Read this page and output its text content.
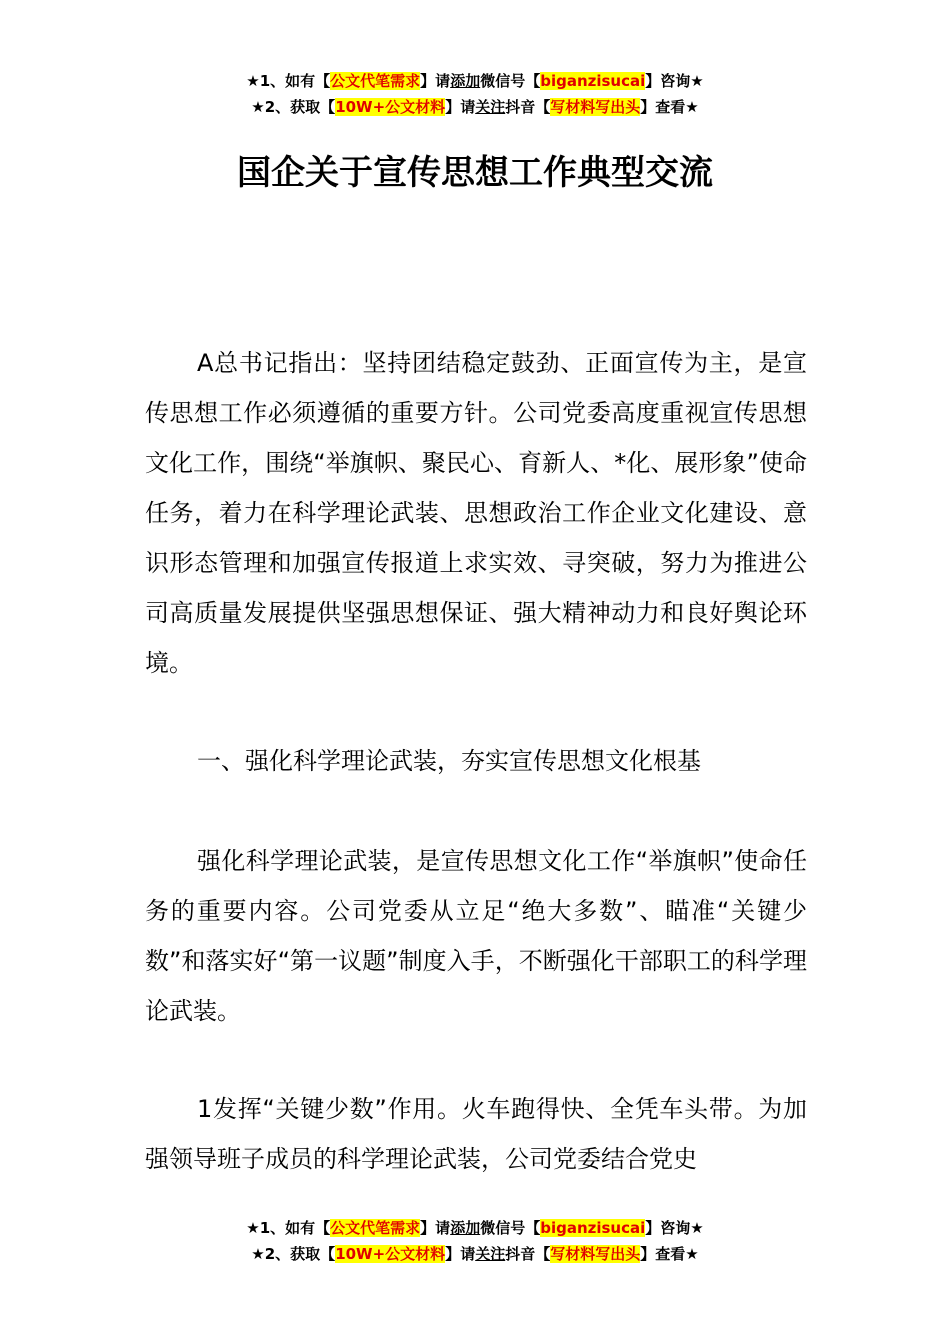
★1、如有【公文代笔需求】请添加微信号【biganzisucai】咨询★
★2、获取【10W+公文材料】请关注抖音【写材料写出头】查看★
国企关于宣传思想工作典型交流

A总书记指出：坚持团结稳定鼓劲、正面宣传为主，是宣传思想工作必须遵循的重要方针。公司党委高度重视宣传思想文化工作，围绕“举旗帜、聚民心、育新人、*化、展形象”使命任务，着力在科学理论武装、思想政治工作企业文化建设、意识形态管理和加强宣传报道上求实效、寻突破，努力为推进公司高质量发展提供坚强思想保证、强大精神动力和良好舆论环境。

一、强化科学理论武装，夯实宣传思想文化根基

强化科学理论武装，是宣传思想文化工作“举旗帜”使命任务的重要内容。公司党委从立足“绝大多数”、瞄准“关键少数”和落实好“第一议题”制度入手，不断强化干部职工的科学理论武装。

1发挥“关键少数”作用。火车跑得快、全凭车头带。为加强领导班子成员的科学理论武装，公司党委结合党史

★1、如有【公文代笔需求】请添加微信号【biganzisucai】咨询★
★2、获取【10W+公文材料】请关注抖音【写材料写出头】查看★
